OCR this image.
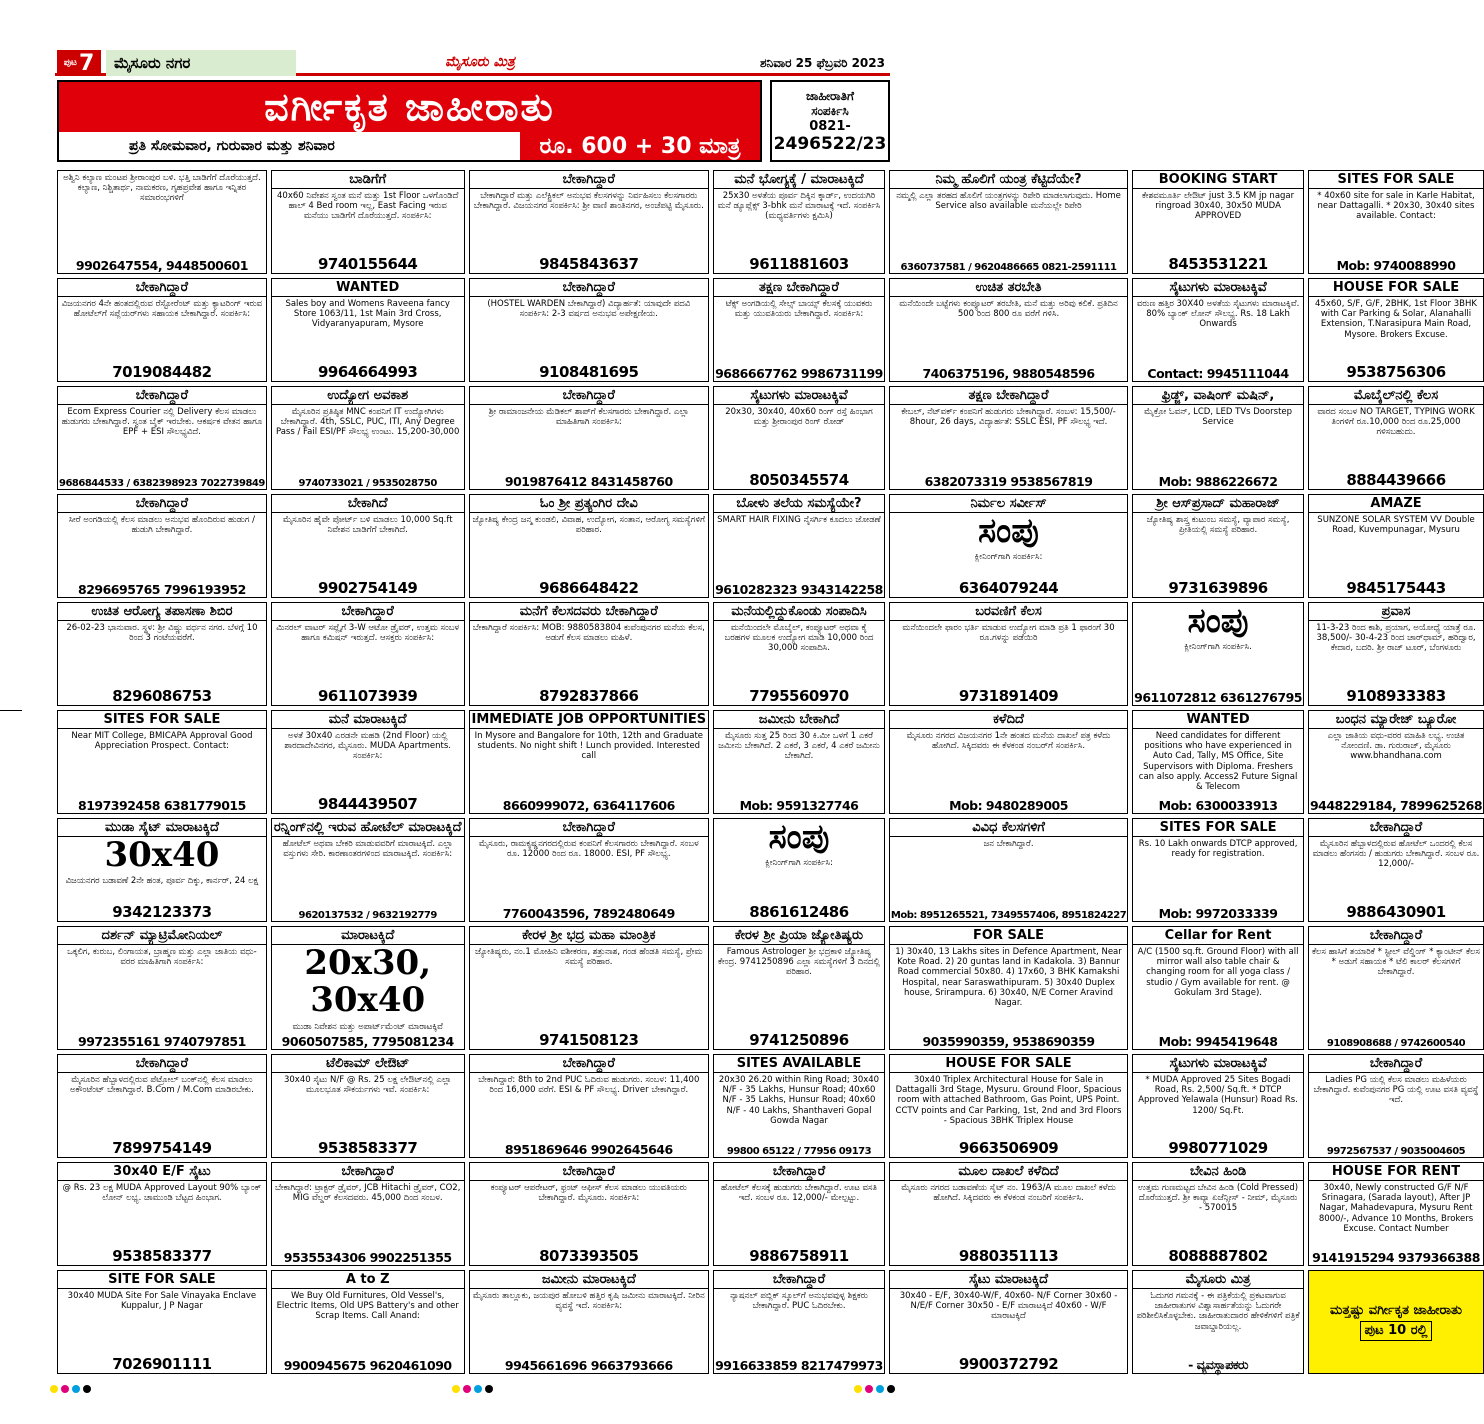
ಪುಟ 7	ಮೈಸೂರು ನಗರ	ಮೈಸೂರು ಮಿತ್ರ	ಶನಿವಾರ 25 ಫೆಬ್ರವರಿ 2023
ವರ್ಗೀಕೃತ ಜಾಹೀರಾತು
ಪ್ರತಿ ಸೋಮವಾರ, ಗುರುವಾರ ಮತ್ತು ಶನಿವಾರ	ರೂ. 600 + 30 ಮಾತ್ರ
ಜಾಹೀರಾತಿಗೆ
ಸಂಪರ್ಕಿಸಿ
0821-
2496522/23
ಅಶ್ವಿನಿ ಕಲ್ಯಾಣ ಮಂಟಪ ಶ್ರೀರಾಂಪುರ ಬಳಿ. ಭತ್ತಿ ಬಾಡಿಗೆಗೆ ದೊರೆಯುತ್ತದೆ. ಕಲ್ಯಾಣ, ನಿಶ್ಚಿತಾರ್ಥ, ನಾಮಕರಣ, ಗೃಹಪ್ರವೇಶ ಹಾಗೂ ಇನ್ನಿತರ ಸಮಾರಂಭಗಳಿಗೆ
9902647554, 9448500601
ಬಾಡಿಗೆಗೆ
40x60 ನಿವೇಶನ ಸ್ವಂತ ಮನೆ ಮತ್ತು 1st Floor ಒಳಗೊಂಡಿದೆ ಹಾಲ್ 4 Bed room ಇಲ್ಲ, East Facing ಇರುವ ಮನೆಯು ಬಾಡಿಗೆಗೆ ದೊರೆಯುತ್ತದೆ. ಸಂಪರ್ಕಿಸಿ:
9740155644
ಬೇಕಾಗಿದ್ದಾರೆ
ಬೇಕಾಗಿದ್ದಾರೆ ಮತ್ತು ಎಲೆಕ್ಟ್ರಿಕಲ್ ಅನುಭವ ಕೆಲಸಗಳನ್ನು ನಿರ್ವಹಿಸಲು ಕೆಲಸಗಾರರು ಬೇಕಾಗಿದ್ದಾರೆ. ವಿಜಯನಗರ ಸಂಪರ್ಕಿಸಿ: ಶ್ರೀ ವಾಣಿ ಶಾಂತಿನಗರ, ಅಂಚೆಪಟ್ಟಿ ಮೈಸೂರು.
9845843637
ಮನೆ ಭೋಗ್ಯಕ್ಕೆ / ಮಾರಾಟಕ್ಕಿದೆ
25x30 ಅಳತೆಯ ಪೂರ್ವ ದಿಕ್ಕಿನ ಕ್ಕಾರ್ಡ್, ಉದಯಗಿರಿ ಮನೆ ಡ್ಯೂಪ್ಲೆಕ್ಸ್ 3-bhk ಮನೆ ಮಾರಾಟಕ್ಕೆ ಇದೆ. ಸಂಪರ್ಕಿಸಿ (ಮಧ್ಯವರ್ತಿಗಳು ಕ್ಷಮಿಸಿ)
9611881603
ನಿಮ್ಮ ಹೊಲಿಗೆ ಯಂತ್ರ ಕೆಟ್ಟಿದೆಯೇ?
ನಮ್ಮಲ್ಲಿ ಎಲ್ಲಾ ತರಹದ ಹೊಲಿಗೆ ಯಂತ್ರಗಳನ್ನು ರಿಪೇರಿ ಮಾಡಲಾಗುವುದು. Home Service also available ಮನೆಯಲ್ಲೇ ರಿಪೇರಿ
6360737581 / 9620486665 0821-2591111
BOOKING START
ಕೇಶವಮೂರ್ತಿ ಲೇಔಟ್ just 3.5 KM jp nagar ringroad 30x40, 30x50 MUDA APPROVED
8453531221
SITES FOR SALE
* 40x60 site for sale in Karle Habitat, near Dattagalli. * 20x30, 30x40 sites available. Contact:
Mob: 9740088990
ಬೇಕಾಗಿದ್ದಾರೆ
ವಿಜಯನಗರ 4ನೇ ಹಂತದಲ್ಲಿರುವ ರೆಸ್ಟೋರೆಂಟ್ ಮತ್ತು ಕ್ಯಾಟರಿಂಗ್ ಇರುವ ಹೋಟೆಲ್‌ಗೆ ಸಪ್ಲೆಯರ್‌ಗಳು ಸಹಾಯಕ ಬೇಕಾಗಿದ್ದಾರೆ. ಸಂಪರ್ಕಿಸಿ:
7019084482
WANTED
Sales boy and Womens Raveena fancy Store 1063/11, 1st Main 3rd Cross, Vidyaranyapuram, Mysore
9964664993
ಬೇಕಾಗಿದ್ದಾರೆ
(HOSTEL WARDEN ಬೇಕಾಗಿದ್ದಾರೆ) ವಿದ್ಯಾರ್ಹತೆ: ಯಾವುದೇ ಪದವಿ ಸಂಪರ್ಕಿಸಿ: 2-3 ವರ್ಷದ ಅನುಭವ ಅಪೇಕ್ಷಣೀಯ.
9108481695
ತಕ್ಷಣ ಬೇಕಾಗಿದ್ದಾರೆ
ಟೆಕ್ಸ್ ಅಂಗಡಿಯಲ್ಲಿ ಸೇಲ್ಸ್ ಬಾಯ್ಸ್ ಕೆಲಸಕ್ಕೆ ಯುವಕರು ಮತ್ತು ಯುವತಿಯರು ಬೇಕಾಗಿದ್ದಾರೆ. ಸಂಪರ್ಕಿಸಿ:
9686667762 9986731199
ಉಚಿತ ತರಬೇತಿ
ಮನೆಯಿಂದೇ ಬಟ್ಟೆಗಳು ಕಂಪ್ಯೂಟರ್ ತರಬೇತಿ, ಮನೆ ಮತ್ತು ಅರಿವು ಕಲಿಕೆ. ಪ್ರತಿದಿನ 500 ರಿಂದ 800 ರೂ ವರೆಗೆ ಗಳಿಸಿ.
7406375196, 9880548596
ಸೈಟುಗಳು ಮಾರಾಟಕ್ಕಿವೆ
ವರುಣ ಹತ್ತಿರ 30X40 ಅಳತೆಯ ಸೈಟುಗಳು ಮಾರಾಟಕ್ಕಿವೆ. 80% ಬ್ಯಾಂಕ್ ಲೋನ್ ಸೌಲಭ್ಯ. Rs. 18 Lakh Onwards
Contact: 9945111044
HOUSE FOR SALE
45x60, S/F, G/F, 2BHK, 1st Floor 3BHK with Car Parking & Solar, Alanahalli Extension, T.Narasipura Main Road, Mysore. Brokers Excuse.
9538756306
ಬೇಕಾಗಿದ್ದಾರೆ
Ecom Express Courier ನಲ್ಲಿ Delivery ಕೆಲಸ ಮಾಡಲು ಹುಡುಗರು ಬೇಕಾಗಿದ್ದಾರೆ. ಸ್ವಂತ ಬೈಕ್ ಇರಬೇಕು. ಆಕರ್ಷಕ ವೇತನ ಹಾಗೂ EPF + ESI ಸೌಲಭ್ಯವಿದೆ.
9686844533 / 6382398923 7022739849
ಉದ್ಯೋಗ ಅವಕಾಶ
ಮೈಸೂರಿನ ಪ್ರತಿಷ್ಠಿತ MNC ಕಂಪನಿಗೆ IT ಉದ್ಯೋಗಿಗಳು ಬೇಕಾಗಿದ್ದಾರೆ. 4th, SSLC, PUC, ITI, Any Degree Pass / Fail ESI/PF ಸೌಲಭ್ಯ ಉಂಟು. 15,200-30,000
9740733021 / 9535028750
ಬೇಕಾಗಿದ್ದಾರೆ
ಶ್ರೀ ರಾಮಾಂಜನೇಯ ಮೆಡಿಕಲ್ ಶಾಪ್‌ಗೆ ಕೆಲಸಗಾರರು ಬೇಕಾಗಿದ್ದಾರೆ. ಎಲ್ಲಾ ಮಾಹಿತಿಗಾಗಿ ಸಂಪರ್ಕಿಸಿ:
9019876412 8431458760
ಸೈಟುಗಳು ಮಾರಾಟಕ್ಕಿವೆ
20x30, 30x40, 40x60 ರಿಂಗ್ ರಸ್ತೆ ಹಿಂಭಾಗ ಮತ್ತು ಶ್ರೀರಾಂಪುರ ರಿಂಗ್ ರೋಡ್
8050345574
ತಕ್ಷಣ ಬೇಕಾಗಿದ್ದಾರೆ
ಕೇಬಲ್, ನೆಟ್‌ವರ್ಕ್ ಕಂಪನಿಗೆ ಹುಡುಗರು ಬೇಕಾಗಿದ್ದಾರೆ. ಸಂಬಳ: 15,500/- 8hour, 26 days, ವಿದ್ಯಾರ್ಹತೆ: SSLC ESI, PF ಸೌಲಭ್ಯ ಇದೆ.
6382073319 9538567819
ಫ್ರಿಡ್ಜ್, ವಾಷಿಂಗ್ ಮಷಿನ್,
ಮೈಕ್ರೋ ಓವನ್, LCD, LED TVs Doorstep Service
Mob: 9886226672
ಮೊಬೈಲ್‌ನಲ್ಲಿ ಕೆಲಸ
ವಾರದ ಸಂಬಳ NO TARGET, TYPING WORK ತಿಂಗಳಿಗೆ ರೂ.10,000 ರಿಂದ ರೂ.25,000 ಗಳಿಸಬಹುದು.
8884439666
ಬೇಕಾಗಿದ್ದಾರೆ
ಸೀರೆ ಅಂಗಡಿಯಲ್ಲಿ ಕೆಲಸ ಮಾಡಲು ಅನುಭವ ಹೊಂದಿರುವ ಹುಡುಗ / ಹುಡುಗಿ ಬೇಕಾಗಿದ್ದಾರೆ.
8296695765 7996193952
ಬೇಕಾಗಿದೆ
ಮೈಸೂರಿನ ಹೈವೇ ಪೋರ್ಟ್ ಬಳಿ ಮಾಡಲು 10,000 Sq.ft ನಿವೇಶನ ಬಾಡಿಗೆಗೆ ಬೇಕಾಗಿದೆ.
9902754149
ಓಂ ಶ್ರೀ ಪ್ರತ್ಯಂಗಿರ ದೇವಿ
ಜ್ಯೋತಿಷ್ಯ ಕೇಂದ್ರ ಜನ್ಮ ಕುಂಡಲಿ, ವಿವಾಹ, ಉದ್ಯೋಗ, ಸಂತಾನ, ಆರೋಗ್ಯ ಸಮಸ್ಯೆಗಳಿಗೆ ಪರಿಹಾರ.
9686648422
ಬೋಳು ತಲೆಯ ಸಮಸ್ಯೆಯೇ?
SMART HAIR FIXING ನೈಸರ್ಗಿಕ ಕೂದಲು ಜೋಡಣೆ
9610282323 9343142258
ನಿರ್ಮಲ ಸರ್ವೀಸ್
ಸಂಪು
ಕ್ಲೀನಿಂಗ್‌ಗಾಗಿ ಸಂಪರ್ಕಿಸಿ:
6364079244
ಶ್ರೀ ಆಸ್‌ಪ್ರಸಾದ್ ಮಹಾರಾಜ್
ಜ್ಯೋತಿಷ್ಯ ಶಾಸ್ತ್ರ ಕುಟುಂಬ ಸಮಸ್ಯೆ, ವ್ಯಾಪಾರ ಸಮಸ್ಯೆ, ಪ್ರೀತಿಯಲ್ಲಿ ಸಮಸ್ಯೆ ಪರಿಹಾರ.
9731639896
AMAZE
SUNZONE SOLAR SYSTEM VV Double Road, Kuvempunagar, Mysuru
9845175443
ಉಚಿತ ಆರೋಗ್ಯ ತಪಾಸಣಾ ಶಿಬಿರ
26-02-23 ಭಾನುವಾರ. ಸ್ಥಳ: ಶ್ರೀ ವಿಷ್ಣು ವರ್ಧನ ನಗರ. ಬೆಳಗ್ಗೆ 10 ರಿಂದ 3 ಗಂಟೆಯವರೆಗೆ.
8296086753
ಬೇಕಾಗಿದ್ದಾರೆ
ಮಿನರಲ್ ವಾಟರ್ ಸಪ್ಲೈಗೆ 3-W ಆಟೋ ಡ್ರೈವರ್, ಉತ್ತಮ ಸಂಬಳ ಹಾಗೂ ಕಮಿಷನ್ ಇರುತ್ತದೆ. ಆಸಕ್ತರು ಸಂಪರ್ಕಿಸಿ:
9611073939
ಮನೆಗೆ ಕೆಲಸದವರು ಬೇಕಾಗಿದ್ದಾರೆ
ಬೇಕಾಗಿದ್ದಾರೆ ಸಂಪರ್ಕಿಸಿ: MOB: 9880583804 ಕುವೆಂಪುನಗರ ಮನೆಯ ಕೆಲಸ, ಅಡುಗೆ ಕೆಲಸ ಮಾಡಲು ಮಹಿಳೆ.
8792837866
ಮನೆಯಲ್ಲಿದ್ದುಕೊಂಡು ಸಂಪಾದಿಸಿ
ಮನೆಯಿಂದಲೇ ಮೊಬೈಲ್, ಕಂಪ್ಯೂಟರ್ ಅಥವಾ ಕೈ ಬರಹಗಳ ಮೂಲಕ ಉದ್ಯೋಗ ಮಾಡಿ 10,000 ರಿಂದ 30,000 ಸಂಪಾದಿಸಿ.
7795560970
ಬರವಣಿಗೆ ಕೆಲಸ
ಮನೆಯಿಂದಲೇ ಫಾರಂ ಭರ್ತಿ ಮಾಡುವ ಉದ್ಯೋಗ ಮಾಡಿ ಪ್ರತಿ 1 ಫಾರಂಗೆ 30 ರೂ.ಗಳನ್ನು ಪಡೆಯಿರಿ
9731891409
ಸಂಪು
ಕ್ಲೀನಿಂಗ್‌ಗಾಗಿ ಸಂಪರ್ಕಿಸಿ.
9611072812 6361276795
ಪ್ರವಾಸ
11-3-23 ರಿಂದ ಕಾಶಿ, ಪ್ರಯಾಗ, ಅಯೋಧ್ಯೆ ಯಾತ್ರೆ ರೂ. 38,500/- 30-4-23 ರಿಂದ ಚಾರ್‌ಧಾಮ್, ಹರಿದ್ವಾರ, ಕೇದಾರ, ಬದರಿ. ಶ್ರೀ ರಾಜ್ ಟೂರ್, ಬೆಂಗಳೂರು
9108933383
SITES FOR SALE
Near MIT College, BMICAPA Approval Good Appreciation Prospect. Contact:
8197392458 6381779015
ಮನೆ ಮಾರಾಟಕ್ಕಿದೆ
ಅಳತೆ 30x40 ಎರಡನೇ ಮಹಡಿ (2nd Floor) ಯಲ್ಲಿ ಶಾರದಾದೇವಿನಗರ, ಮೈಸೂರು. MUDA Apartments. ಸಂಪರ್ಕಿಸಿ:
9844439507
IMMEDIATE JOB OPPORTUNITIES
In Mysore and Bangalore for 10th, 12th and Graduate students. No night shift ! Lunch provided. Interested call
8660999072, 6364117606
ಜಮೀನು ಬೇಕಾಗಿದೆ
ಮೈಸೂರು ಸುತ್ತ 25 ರಿಂದ 30 ಕಿ.ಮೀ ಒಳಗೆ 1 ಎಕರೆ ಜಮೀನು ಬೇಕಾಗಿದೆ. 2 ಎಕರೆ, 3 ಎಕರೆ, 4 ಎಕರೆ ಜಮೀನು ಬೇಕಾಗಿದೆ.
Mob: 9591327746
ಕಳೆದಿದೆ
ಮೈಸೂರು ನಗರದ ವಿಜಯನಗರ 1ನೇ ಹಂತದ ಮನೆಯ ದಾಖಲೆ ಪತ್ರ ಕಳೆದು ಹೋಗಿದೆ. ಸಿಕ್ಕಿದವರು ಈ ಕೆಳಕಂಡ ನಂಬರ್‌ಗೆ ಸಂಪರ್ಕಿಸಿ.
Mob: 9480289005
WANTED
Need candidates for different positions who have experienced in Auto Cad, Tally, MS Office, Site Supervisors with Diploma. Freshers can also apply. Access2 Future Signal & Telecom
Mob: 6300033913
ಬಂಧನ ಮ್ಯಾರೇಜ್ ಬ್ಯೂರೋ
ಎಲ್ಲಾ ಜಾತಿಯ ವಧು-ವರರ ಮಾಹಿತಿ ಲಭ್ಯ. ಉಚಿತ ನೋಂದಣಿ. ಡಾ. ಗುರುರಾಜ್, ಮೈಸೂರು www.bhandhana.com
9448229184, 7899625268
ಮುಡಾ ಸೈಟ್ ಮಾರಾಟಕ್ಕಿದೆ
30x40
ವಿಜಯನಗರ ಬಡಾವಣೆ 2ನೇ ಹಂತ, ಪೂರ್ವ ದಿಕ್ಕು, ಕಾರ್ನರ್, 24 ಲಕ್ಷ
9342123373
ರನ್ನಿಂಗ್‌ನಲ್ಲಿ ಇರುವ ಹೋಟೆಲ್ ಮಾರಾಟಕ್ಕಿದೆ
ಹೋಟೆಲ್ ಅಥವಾ ಬೇಕರಿ ಮಾಡುವವರಿಗೆ ಮಾರಾಟಕ್ಕಿದೆ. ಎಲ್ಲಾ ವಸ್ತುಗಳು ಸೇರಿ. ಕಾರಣಾಂತರಗಳಿಂದ ಮಾರಾಟಕ್ಕಿದೆ. ಸಂಪರ್ಕಿಸಿ:
9620137532 / 9632192779
ಬೇಕಾಗಿದ್ದಾರೆ
ಮೈಸೂರು, ರಾಮಕೃಷ್ಣನಗರದಲ್ಲಿರುವ ಕಂಪನಿಗೆ ಕೆಲಸಗಾರರು ಬೇಕಾಗಿದ್ದಾರೆ. ಸಂಬಳ ರೂ. 12000 ರಿಂದ ರೂ. 18000. ESI, PF ಸೌಲಭ್ಯ.
7760043596, 7892480649
ಸಂಪು
ಕ್ಲೀನಿಂಗ್‌ಗಾಗಿ ಸಂಪರ್ಕಿಸಿ:
8861612486
ವಿವಿಧ ಕೆಲಸಗಳಿಗೆ
ಜನ ಬೇಕಾಗಿದ್ದಾರೆ.
Mob: 8951265521, 7349557406, 8951824227
SITES FOR SALE
Rs. 10 Lakh onwards DTCP approved, ready for registration.
Mob: 9972033339
ಬೇಕಾಗಿದ್ದಾರೆ
ಮೈಸೂರಿನ ಹೆಬ್ಬಾಳದಲ್ಲಿರುವ ಹೋಟೆಲ್ ಒಂದರಲ್ಲಿ ಕೆಲಸ ಮಾಡಲು ಹೆಂಗಸರು / ಹುಡುಗರು ಬೇಕಾಗಿದ್ದಾರೆ. ಸಂಬಳ ರೂ. 12,000/-
9886430901
ದರ್ಶನ್ ಮ್ಯಾಟ್ರಿಮೋನಿಯಲ್
ಒಕ್ಕಲಿಗ, ಕುರುಬ, ಲಿಂಗಾಯತ, ಬ್ರಾಹ್ಮಣ ಮತ್ತು ಎಲ್ಲಾ ಜಾತಿಯ ವಧು-ವರರ ಮಾಹಿತಿಗಾಗಿ ಸಂಪರ್ಕಿಸಿ:
9972355161 9740797851
ಮಾರಾಟಕ್ಕಿದೆ
20x30, 30x40
ಮುಡಾ ನಿವೇಶನ ಮತ್ತು ಅಪಾರ್ಟ್‌ಮೆಂಟ್ ಮಾರಾಟಕ್ಕಿವೆ
9060507585, 7795081234
ಕೇರಳ ಶ್ರೀ ಭದ್ರ ಮಹಾ ಮಾಂತ್ರಿಕ
ಜ್ಯೋತಿಷ್ಯರು, ನಂ.1 ಮೋಹಿನಿ ವಶೀಕರಣ, ಶತ್ರುನಾಶ, ಗಂಡ ಹೆಂಡತಿ ಸಮಸ್ಯೆ, ಪ್ರೇಮ ಸಮಸ್ಯೆ ಪರಿಹಾರ.
9741508123
ಕೇರಳ ಶ್ರೀ ಪ್ರಿಯಾ ಜ್ಯೋತಿಷ್ಯರು
Famous Astrologer ಶ್ರೀ ಭದ್ರಕಾಳಿ ಜ್ಯೋತಿಷ್ಯ ಕೇಂದ್ರ. 9741250896 ಎಲ್ಲಾ ಸಮಸ್ಯೆಗಳಿಗೆ 3 ದಿನದಲ್ಲಿ ಪರಿಹಾರ.
9741250896
FOR SALE
1) 30x40, 13 Lakhs sites in Defence Apartment, Near Kote Road. 2) 20 guntas land in Kadakola. 3) Bannur Road commercial 50x80. 4) 17x60, 3 BHK Kamakshi Hospital, near Saraswathipuram. 5) 30x40 Duplex house, Srirampura. 6) 30x40, N/E Corner Aravind Nagar.
9035990359, 9538690359
Cellar for Rent
A/C (1500 sq.ft. Ground Floor) with all mirror wall also table chair & changing room for all yoga class / studio / Gym available for rent. @ Gokulam 3rd Stage).
Mob: 9945419648
ಬೇಕಾಗಿದ್ದಾರೆ
ಕೆಲಸ ಹಾಸಿಗೆ ತಯಾರಿಕೆ * ಸ್ಟೀಲ್ ವೆಲ್ಡಿಂಗ್ * ಕ್ಯಾಂಟೀನ್ ಕೆಲಸ * ಅಡುಗೆ ಸಹಾಯಕ * ಟೆಲಿ ಕಾಲರ್ ಕೆಲಸಗಳಿಗೆ ಬೇಕಾಗಿದ್ದಾರೆ.
9108908688 / 9742600540
ಬೇಕಾಗಿದ್ದಾರೆ
ಮೈಸೂರಿನ ಹೆಬ್ಬಾಳದಲ್ಲಿರುವ ಪೆಟ್ರೋಲ್ ಬಂಕ್‌ನಲ್ಲಿ ಕೆಲಸ ಮಾಡಲು ಅಕೌಂಟೆಂಟ್ ಬೇಕಾಗಿದ್ದಾರೆ. B.Com / M.Com ಮಾಡಿರಬೇಕು.
7899754149
ಟೆಲಿಕಾಮ್ ಲೇಔಟ್
30x40 ಸೈಟು N/F @ Rs. 25 ಲಕ್ಷ ಲೇಔಟ್‌ನಲ್ಲಿ ಎಲ್ಲಾ ಮೂಲಭೂತ ಸೌಕರ್ಯಗಳು ಇವೆ. ಸಂಪರ್ಕಿಸಿ:
9538583377
ಬೇಕಾಗಿದ್ದಾರೆ
ಬೇಕಾಗಿದ್ದಾರೆ: 8th to 2nd PUC ಓದಿರುವ ಹುಡುಗರು. ಸಂಬಳ: 11,400 ರಿಂದ 16,000 ವರೆಗೆ. ESI & PF ಸೌಲಭ್ಯ. Driver ಬೇಕಾಗಿದ್ದಾರೆ.
8951869646 9902645646
SITES AVAILABLE
20x30 26.20 within Ring Road; 30x40 N/F - 35 Lakhs, Hunsur Road; 40x60 N/F - 35 Lakhs, Hunsur Road; 40x60 N/F - 40 Lakhs, Shanthaveri Gopal Gowda Nagar
99800 65122 / 77956 09173
HOUSE FOR SALE
30x40 Triplex Architectural House for Sale in Dattagalli 3rd Stage, Mysuru. Ground Floor, Spacious room with attached Bathroom, Gas Point, UPS Point. CCTV points and Car Parking, 1st, 2nd and 3rd Floors - Spacious 3BHK Triplex House
9663506909
ಸೈಟುಗಳು ಮಾರಾಟಕ್ಕಿವೆ
* MUDA Approved 25 Sites Bogadi Road, Rs. 2,500/ Sq.ft. * DTCP Approved Yelawala (Hunsur) Road Rs. 1200/ Sq.Ft.
9980771029
ಬೇಕಾಗಿದ್ದಾರೆ
Ladies PG ಯಲ್ಲಿ ಕೆಲಸ ಮಾಡಲು ಮಹಿಳೆಯರು ಬೇಕಾಗಿದ್ದಾರೆ. ಕುವೆಂಪುನಗರ PG ಯಲ್ಲಿ ಊಟ ವಸತಿ ವ್ಯವಸ್ಥೆ ಇದೆ.
9972567537 / 9035004605
30x40 E/F ಸೈಟು
@ Rs. 23 ಲಕ್ಷ MUDA Approved Layout 90% ಬ್ಯಾಂಕ್ ಲೋನ್ ಲಭ್ಯ. ಚಾಮುಂಡಿ ಬೆಟ್ಟದ ಹಿಂಭಾಗ.
9538583377
ಬೇಕಾಗಿದ್ದಾರೆ
ಬೇಕಾಗಿದ್ದಾರೆ: ಟ್ರಾಕ್ಟರ್ ಡ್ರೈವರ್, JCB Hitachi ಡ್ರೈವರ್, CO2, MIG ವೆಲ್ಡರ್ ಕೆಲಸದವರು. 45,000 ದಿಂದ ಸಂಬಳ.
9535534306 9902251355
ಬೇಕಾಗಿದ್ದಾರೆ
ಕಂಪ್ಯೂಟರ್ ಆಪರೇಟರ್, ಫ್ರಂಟ್ ಆಫೀಸ್ ಕೆಲಸ ಮಾಡಲು ಯುವತಿಯರು ಬೇಕಾಗಿದ್ದಾರೆ. ಮೈಸೂರು. ಸಂಪರ್ಕಿಸಿ:
8073393505
ಬೇಕಾಗಿದ್ದಾರೆ
ಹೋಟೆಲ್ ಕೆಲಸಕ್ಕೆ ಹುಡುಗರು ಬೇಕಾಗಿದ್ದಾರೆ. ಊಟ ವಸತಿ ಇದೆ. ಸಂಬಳ ರೂ. 12,000/- ಮೇಲ್ಪಟ್ಟು.
9886758911
ಮೂಲ ದಾಖಲೆ ಕಳೆದಿದೆ
ಮೈಸೂರು ನಗರದ ಬಡಾವಣೆಯ ಸೈಟ್ ನಂ. 1963/A ಮೂಲ ದಾಖಲೆ ಕಳೆದು ಹೋಗಿದೆ. ಸಿಕ್ಕಿದವರು ಈ ಕೆಳಕಂಡ ನಂಬರಿಗೆ ಸಂಪರ್ಕಿಸಿ.
9880351113
ಬೇವಿನ ಹಿಂಡಿ
ಉತ್ತಮ ಗುಣಮಟ್ಟದ ಬೇವಿನ ಹಿಂಡಿ (Cold Pressed) ದೊರೆಯುತ್ತದೆ. ಶ್ರೀ ಕಾವ್ಯಾ ಏಜೆನ್ಸೀಸ್ - ನೀಮ್, ಮೈಸೂರು - 570015
8088887802
HOUSE FOR RENT
30x40, Newly constructed G/F N/F Srinagara, (Sarada layout), After JP Nagar, Mahadevapura, Mysuru Rent 8000/-, Advance 10 Months, Brokers Excuse. Contact Number
9141915294 9379366388
SITE FOR SALE
30x40 MUDA Site For Sale Vinayaka Enclave Kuppalur, J P Nagar
7026901111
A to Z
We Buy Old Furnitures, Old Vessel's, Electric Items, Old UPS Battery's and other Scrap Items. Call Anand:
9900945675 9620461090
ಜಮೀನು ಮಾರಾಟಕ್ಕಿದೆ
ಮೈಸೂರು ತಾಲ್ಲೂಕು, ಜಯಪುರ ಹೋಬಳಿ ಹತ್ತಿರ ಕೃಷಿ ಜಮೀನು ಮಾರಾಟಕ್ಕಿದೆ. ನೀರಿನ ವ್ಯವಸ್ಥೆ ಇದೆ. ಸಂಪರ್ಕಿಸಿ:
9945661696 9663793666
ಬೇಕಾಗಿದ್ದಾರೆ
ನ್ಯಾಷನಲ್ ಪಬ್ಲಿಕ್ ಸ್ಕೂಲ್‌ಗೆ ಅನುಭವವುಳ್ಳ ಶಿಕ್ಷಕರು ಬೇಕಾಗಿದ್ದಾರೆ. PUC ಓದಿರಬೇಕು.
9916633859 8217479973
ಸೈಟು ಮಾರಾಟಕ್ಕಿದೆ
30x40 - E/F, 30x40-W/F, 40x60- N/F Corner 30x60 - N/E/F Corner 30x50 - E/F ಮಾರಾಟಕ್ಕಿದೆ 40x60 - W/F ಮಾರಾಟಕ್ಕಿದೆ
9900372792
ಮೈಸೂರು ಮಿತ್ರ
ಓದುಗರ ಗಮನಕ್ಕೆ - ಈ ಪತ್ರಿಕೆಯಲ್ಲಿ ಪ್ರಕಟವಾಗುವ ಜಾಹೀರಾತುಗಳ ವಿಶ್ವಾಸಾರ್ಹತೆಯನ್ನು ಓದುಗರೇ ಪರಿಶೀಲಿಸಿಕೊಳ್ಳಬೇಕು. ಜಾಹೀರಾತುದಾರರ ಹೇಳಿಕೆಗಳಿಗೆ ಪತ್ರಿಕೆ ಜವಾಬ್ದಾರಿಯಲ್ಲ.
- ವ್ಯವಸ್ಥಾಪಕರು
ಮತ್ತಷ್ಟು ವರ್ಗೀಕೃತ ಜಾಹೀರಾತು
ಪುಟ 10 ರಲ್ಲಿ
